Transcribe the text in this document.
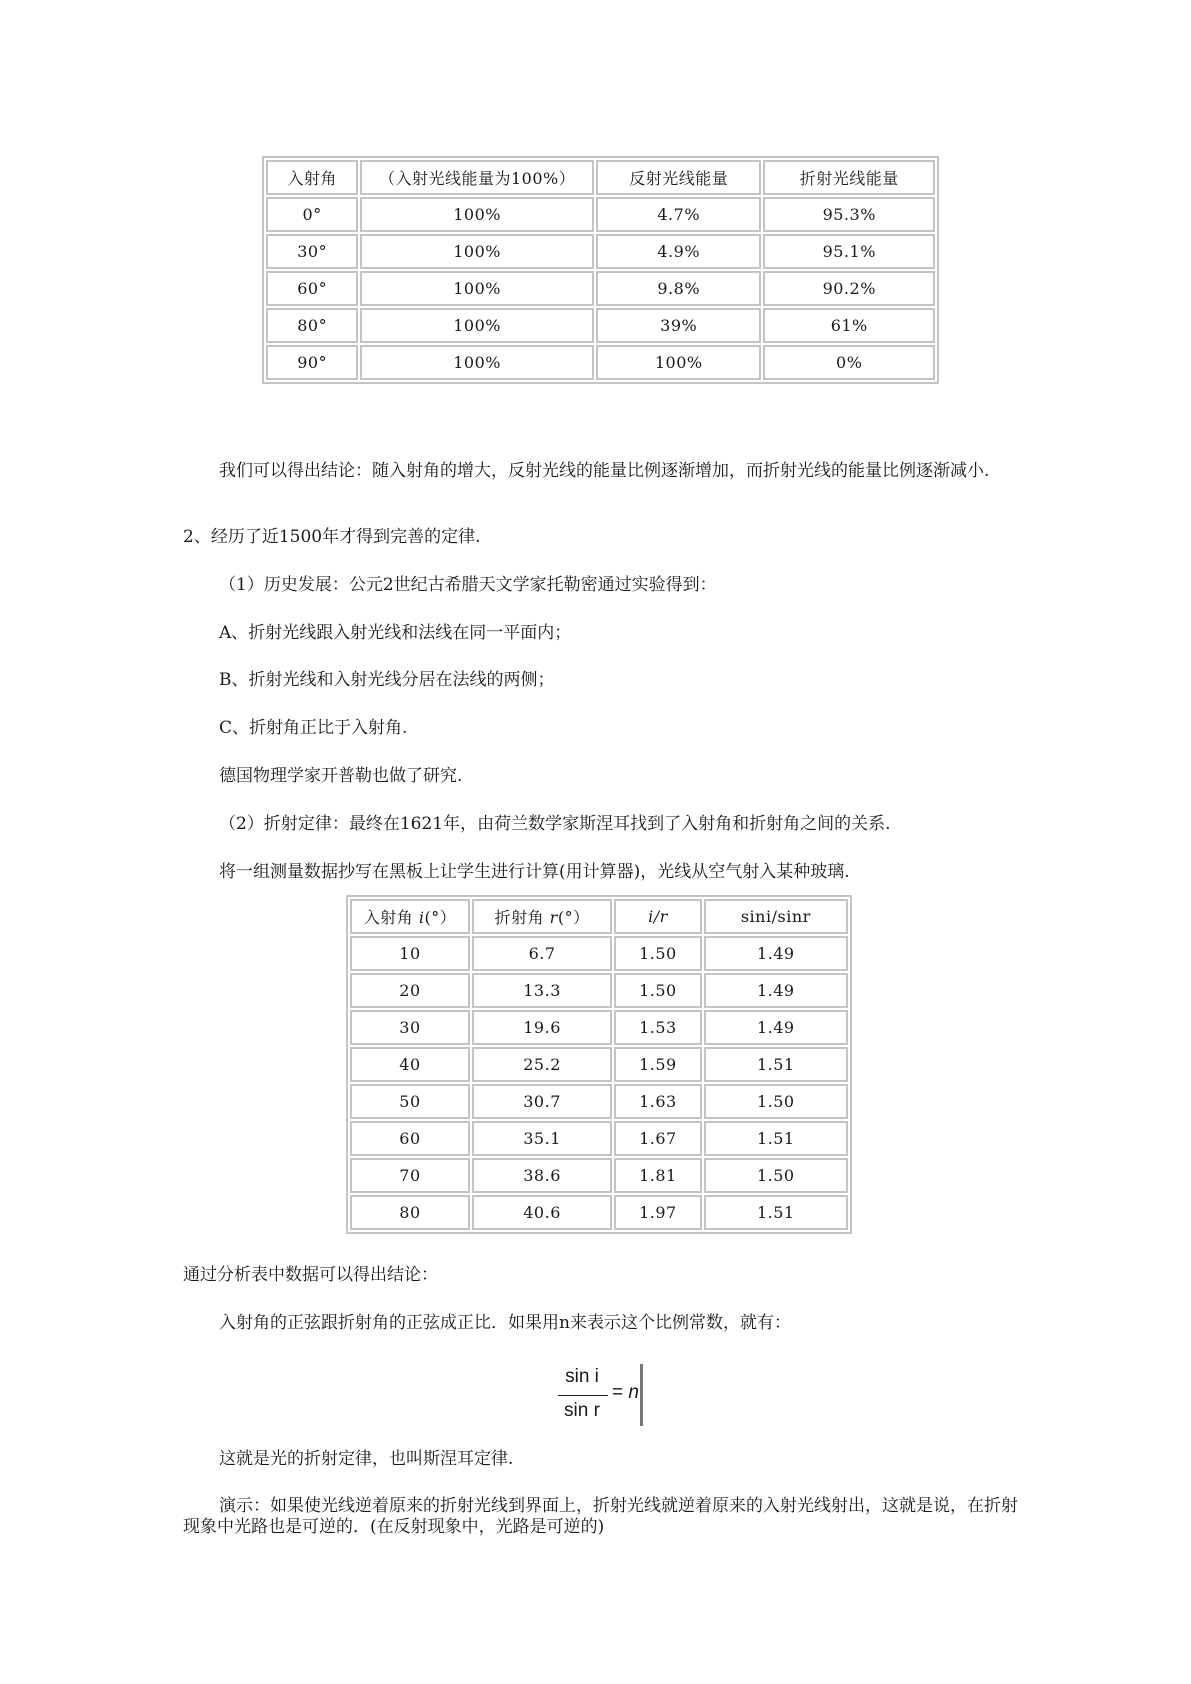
入射角	（入射光线能量为100%）	反射光线能量	折射光线能量
0°	100%	4.7%	95.3%
30°	100%	4.9%	95.1%
60°	100%	9.8%	90.2%
80°	100%	39%	61%
90°	100%	100%	0%
我们可以得出结论：随入射角的增大，反射光线的能量比例逐渐增加，而折射光线的能量比例逐渐减小.
2、经历了近1500年才得到完善的定律.
（1）历史发展：公元2世纪古希腊天文学家托勒密通过实验得到：
A、折射光线跟入射光线和法线在同一平面内；
B、折射光线和入射光线分居在法线的两侧；
C、折射角正比于入射角.
德国物理学家开普勒也做了研究.
（2）折射定律：最终在1621年，由荷兰数学家斯涅耳找到了入射角和折射角之间的关系.
将一组测量数据抄写在黑板上让学生进行计算(用计算器)，光线从空气射入某种玻璃.
入射角 i(°）	折射角 r(°）	i/r	sini/sinr
10	6.7	1.50	1.49
20	13.3	1.50	1.49
30	19.6	1.53	1.49
40	25.2	1.59	1.51
50	30.7	1.63	1.50
60	35.1	1.67	1.51
70	38.6	1.81	1.50
80	40.6	1.97	1.51
通过分析表中数据可以得出结论：
入射角的正弦跟折射角的正弦成正比．如果用n来表示这个比例常数，就有：
sin i
sin r
= n
这就是光的折射定律，也叫斯涅耳定律.
演示：如果使光线逆着原来的折射光线到界面上，折射光线就逆着原来的入射光线射出，这就是说，在折射现象中光路也是可逆的．(在反射现象中，光路是可逆的)
